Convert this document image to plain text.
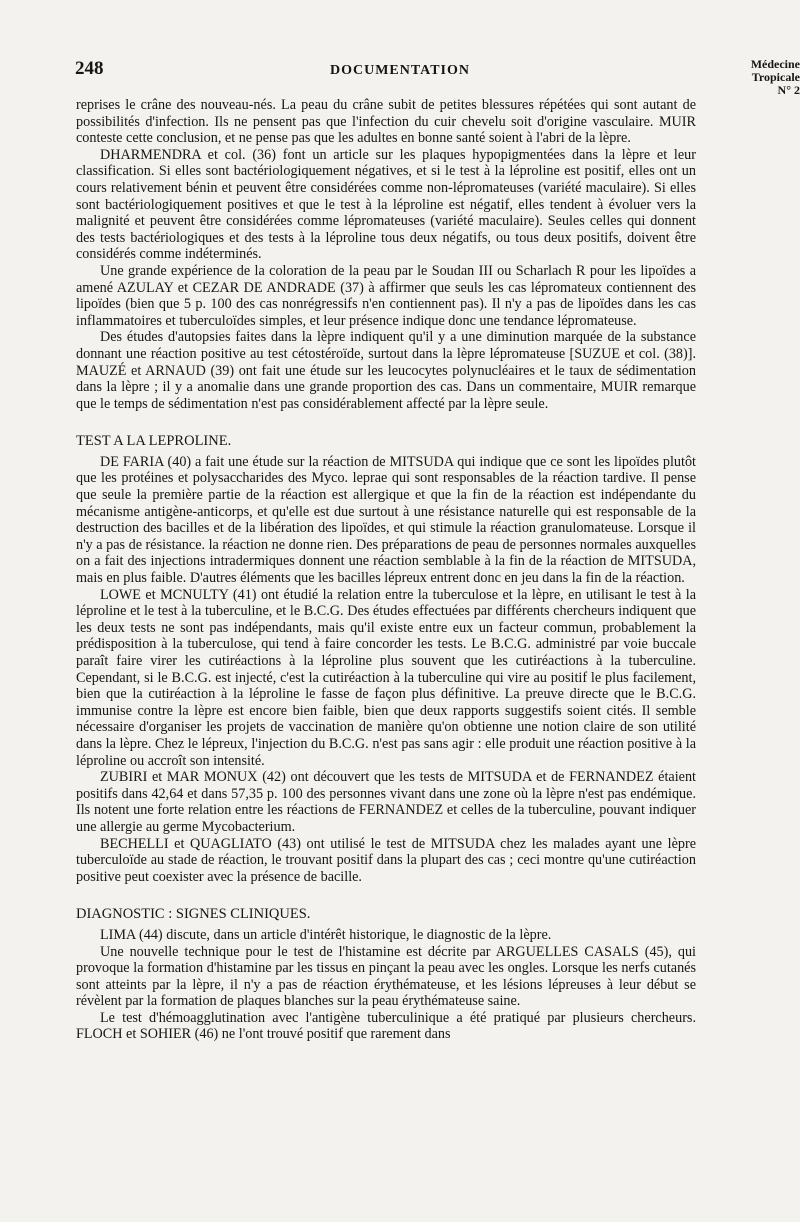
248	DOCUMENTATION	Médecine
Tropicale
N° 2

reprises le crâne des nouveau-nés. La peau du crâne subit de petites blessures répétées qui sont autant de possibilités d'infection. Ils ne pensent pas que l'infection du cuir chevelu soit d'origine vasculaire. MUIR conteste cette conclusion, et ne pense pas que les adultes en bonne santé soient à l'abri de la lèpre.

DHARMENDRA et col. (36) font un article sur les plaques hypopigmentées dans la lèpre et leur classification. Si elles sont bactériologiquement négatives, et si le test à la léproline est positif, elles ont un cours relativement bénin et peuvent être considérées comme non-lépromateuses (variété maculaire). Si elles sont bactériologiquement positives et que le test à la léproline est négatif, elles tendent à évoluer vers la malignité et peuvent être considérées comme lépromateuses (variété maculaire). Seules celles qui donnent des tests bactériologiques et des tests à la léproline tous deux négatifs, ou tous deux positifs, doivent être considérés comme indéterminés.

Une grande expérience de la coloration de la peau par le Soudan III ou Scharlach R pour les lipoïdes a amené AZULAY et CEZAR DE ANDRADE (37) à affirmer que seuls les cas lépromateux contiennent des lipoïdes (bien que 5 p. 100 des cas nonrégressifs n'en contiennent pas). Il n'y a pas de lipoïdes dans les cas inflammatoires et tuberculoïdes simples, et leur présence indique donc une tendance lépromateuse.

Des études d'autopsies faites dans la lèpre indiquent qu'il y a une diminution marquée de la substance donnant une réaction positive au test cétostéroïde, surtout dans la lèpre lépromateuse [SUZUE et col. (38)]. MAUZÉ et ARNAUD (39) ont fait une étude sur les leucocytes polynucléaires et le taux de sédimentation dans la lèpre ; il y a anomalie dans une grande proportion des cas. Dans un commentaire, MUIR remarque que le temps de sédimentation n'est pas considérablement affecté par la lèpre seule.

TEST A LA LEPROLINE.

DE FARIA (40) a fait une étude sur la réaction de MITSUDA qui indique que ce sont les lipoïdes plutôt que les protéines et polysaccharides des Myco. leprae qui sont responsables de la réaction tardive. Il pense que seule la première partie de la réaction est allergique et que la fin de la réaction est indépendante du mécanisme antigène-anticorps, et qu'elle est due surtout à une résistance naturelle qui est responsable de la destruction des bacilles et de la libération des lipoïdes, et qui stimule la réaction granulomateuse. Lorsque il n'y a pas de résistance. la réaction ne donne rien. Des préparations de peau de personnes normales auxquelles on a fait des injections intradermiques donnent une réaction semblable à la fin de la réaction de MITSUDA, mais en plus faible. D'autres éléments que les bacilles lépreux entrent donc en jeu dans la fin de la réaction.

LOWE et MCNULTY (41) ont étudié la relation entre la tuberculose et la lèpre, en utilisant le test à la léproline et le test à la tuberculine, et le B.C.G. Des études effectuées par différents chercheurs indiquent que les deux tests ne sont pas indépendants, mais qu'il existe entre eux un facteur commun, probablement la prédisposition à la tuberculose, qui tend à faire concorder les tests. Le B.C.G. administré par voie buccale paraît faire virer les cutiréactions à la léproline plus souvent que les cutiréactions à la tuberculine. Cependant, si le B.C.G. est injecté, c'est la cutiréaction à la tuberculine qui vire au positif le plus facilement, bien que la cutiréaction à la léproline le fasse de façon plus définitive. La preuve directe que le B.C.G. immunise contre la lèpre est encore bien faible, bien que deux rapports suggestifs soient cités. Il semble nécessaire d'organiser les projets de vaccination de manière qu'on obtienne une notion claire de son utilité dans la lèpre. Chez le lépreux, l'injection du B.C.G. n'est pas sans agir : elle produit une réaction positive à la léproline ou accroît son intensité.

ZUBIRI et MAR MONUX (42) ont découvert que les tests de MITSUDA et de FERNANDEZ étaient positifs dans 42,64 et dans 57,35 p. 100 des personnes vivant dans une zone où la lèpre n'est pas endémique. Ils notent une forte relation entre les réactions de FERNANDEZ et celles de la tuberculine, pouvant indiquer une allergie au germe Mycobacterium.

BECHELLI et QUAGLIATO (43) ont utilisé le test de MITSUDA chez les malades ayant une lèpre tuberculoïde au stade de réaction, le trouvant positif dans la plupart des cas ; ceci montre qu'une cutiréaction positive peut coexister avec la présence de bacille.

DIAGNOSTIC : SIGNES CLINIQUES.

LIMA (44) discute, dans un article d'intérêt historique, le diagnostic de la lèpre.

Une nouvelle technique pour le test de l'histamine est décrite par ARGUELLES CASALS (45), qui provoque la formation d'histamine par les tissus en pinçant la peau avec les ongles. Lorsque les nerfs cutanés sont atteints par la lèpre, il n'y a pas de réaction érythémateuse, et les lésions lépreuses à leur début se révèlent par la formation de plaques blanches sur la peau érythémateuse saine.

Le test d'hémoagglutination avec l'antigène tuberculinique a été pratiqué par plusieurs chercheurs. FLOCH et SOHIER (46) ne l'ont trouvé positif que rarement dans
